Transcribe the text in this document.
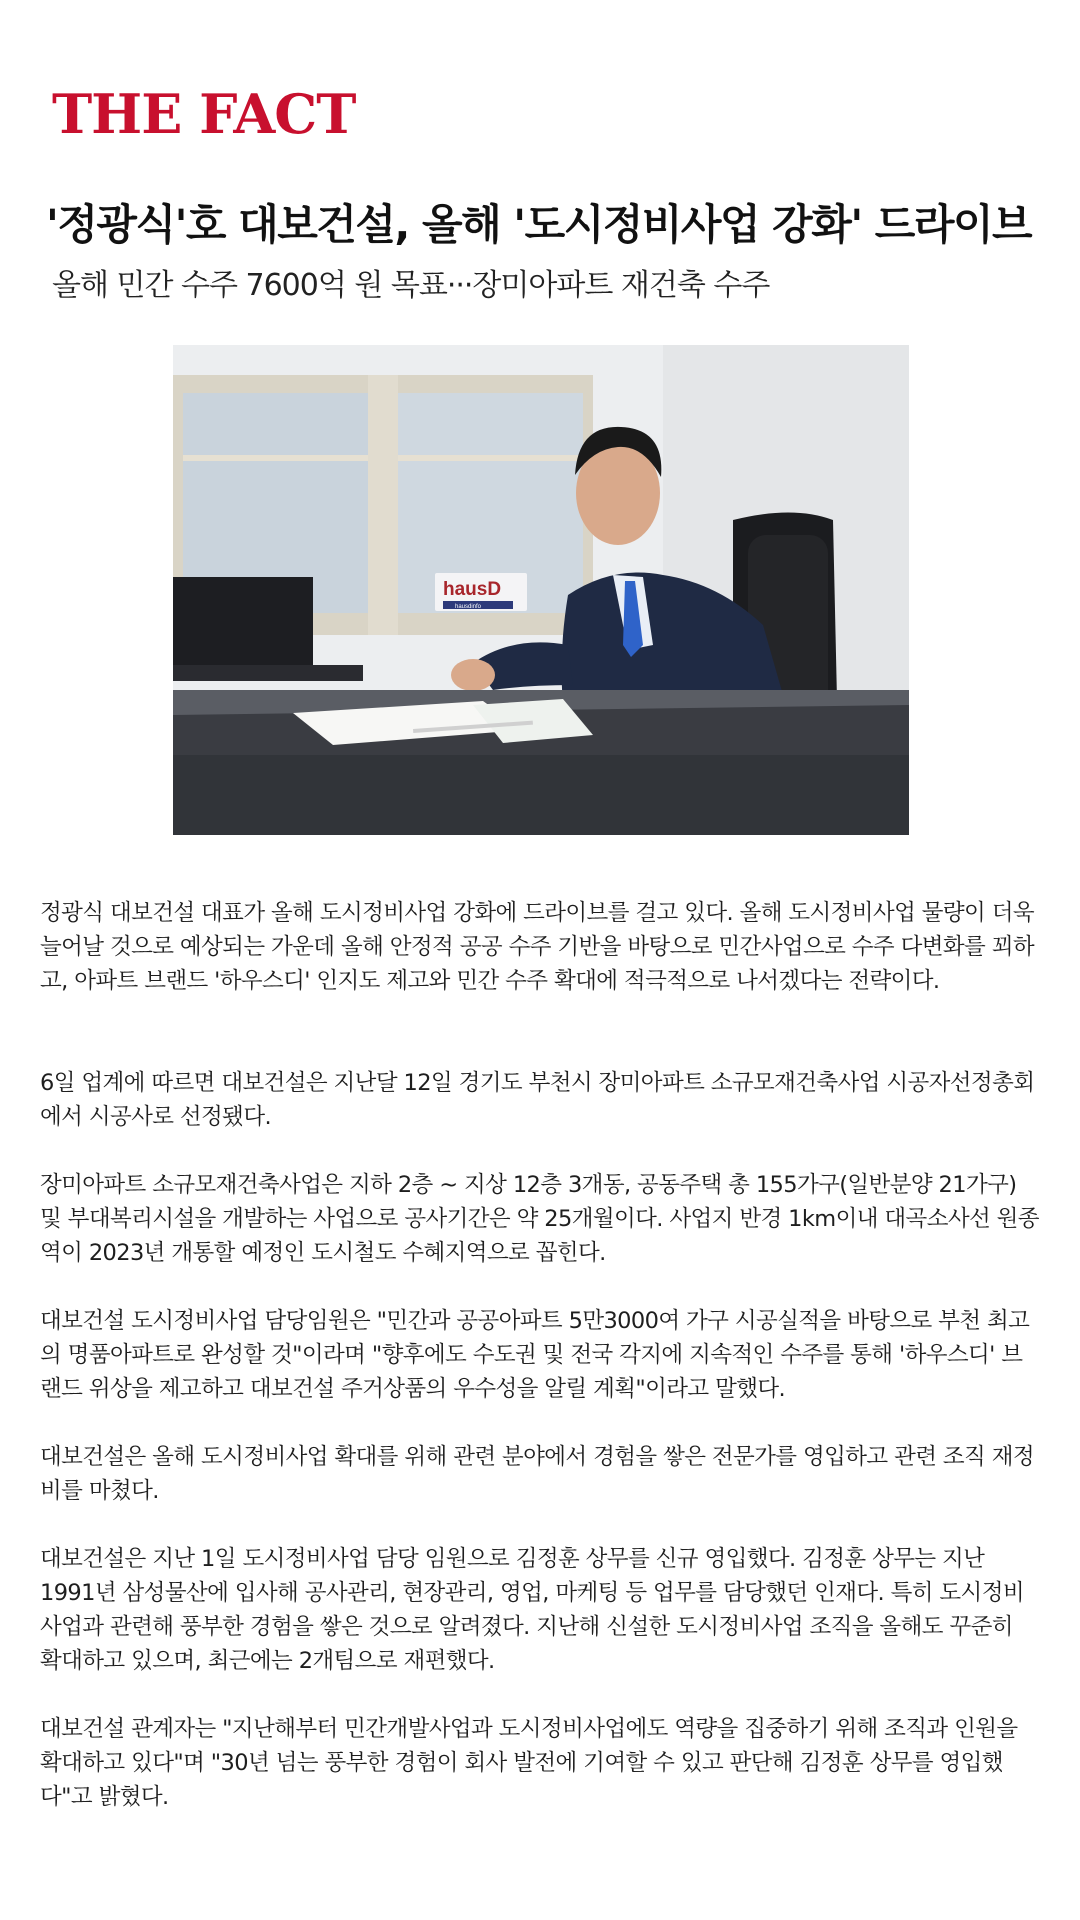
THE FACT
'정광식'호 대보건설, 올해 '도시정비사업 강화' 드라이브
올해 민간 수주 7600억 원 목표···장미아파트 재건축 수주
hausD
hausdinfo

정광식 대보건설 대표가 올해 도시정비사업 강화에 드라이브를 걸고 있다. 올해 도시정비사업 물량이 더욱 늘어날 것으로 예상되는 가운데 올해 안정적 공공 수주 기반을 바탕으로 민간사업으로 수주 다변화를 꾀하고, 아파트 브랜드 '하우스디' 인지도 제고와 민간 수주 확대에 적극적으로 나서겠다는 전략이다.

6일 업계에 따르면 대보건설은 지난달 12일 경기도 부천시 장미아파트 소규모재건축사업 시공자선정총회에서 시공사로 선정됐다.

장미아파트 소규모재건축사업은 지하 2층 ~ 지상 12층 3개동, 공동주택 총 155가구(일반분양 21가구) 및 부대복리시설을 개발하는 사업으로 공사기간은 약 25개월이다. 사업지 반경 1km이내 대곡소사선 원종역이 2023년 개통할 예정인 도시철도 수혜지역으로 꼽힌다.

대보건설 도시정비사업 담당임원은 "민간과 공공아파트 5만3000여 가구 시공실적을 바탕으로 부천 최고의 명품아파트로 완성할 것"이라며 "향후에도 수도권 및 전국 각지에 지속적인 수주를 통해 '하우스디' 브랜드 위상을 제고하고 대보건설 주거상품의 우수성을 알릴 계획"이라고 말했다.

대보건설은 올해 도시정비사업 확대를 위해 관련 분야에서 경험을 쌓은 전문가를 영입하고 관련 조직 재정비를 마쳤다.

대보건설은 지난 1일 도시정비사업 담당 임원으로 김정훈 상무를 신규 영입했다. 김정훈 상무는 지난 1991년 삼성물산에 입사해 공사관리, 현장관리, 영업, 마케팅 등 업무를 담당했던 인재다. 특히 도시정비사업과 관련해 풍부한 경험을 쌓은 것으로 알려졌다. 지난해 신설한 도시정비사업 조직을 올해도 꾸준히 확대하고 있으며, 최근에는 2개팀으로 재편했다.

대보건설 관계자는 "지난해부터 민간개발사업과 도시정비사업에도 역량을 집중하기 위해 조직과 인원을 확대하고 있다"며 "30년 넘는 풍부한 경험이 회사 발전에 기여할 수 있고 판단해 김정훈 상무를 영입했다"고 밝혔다.
